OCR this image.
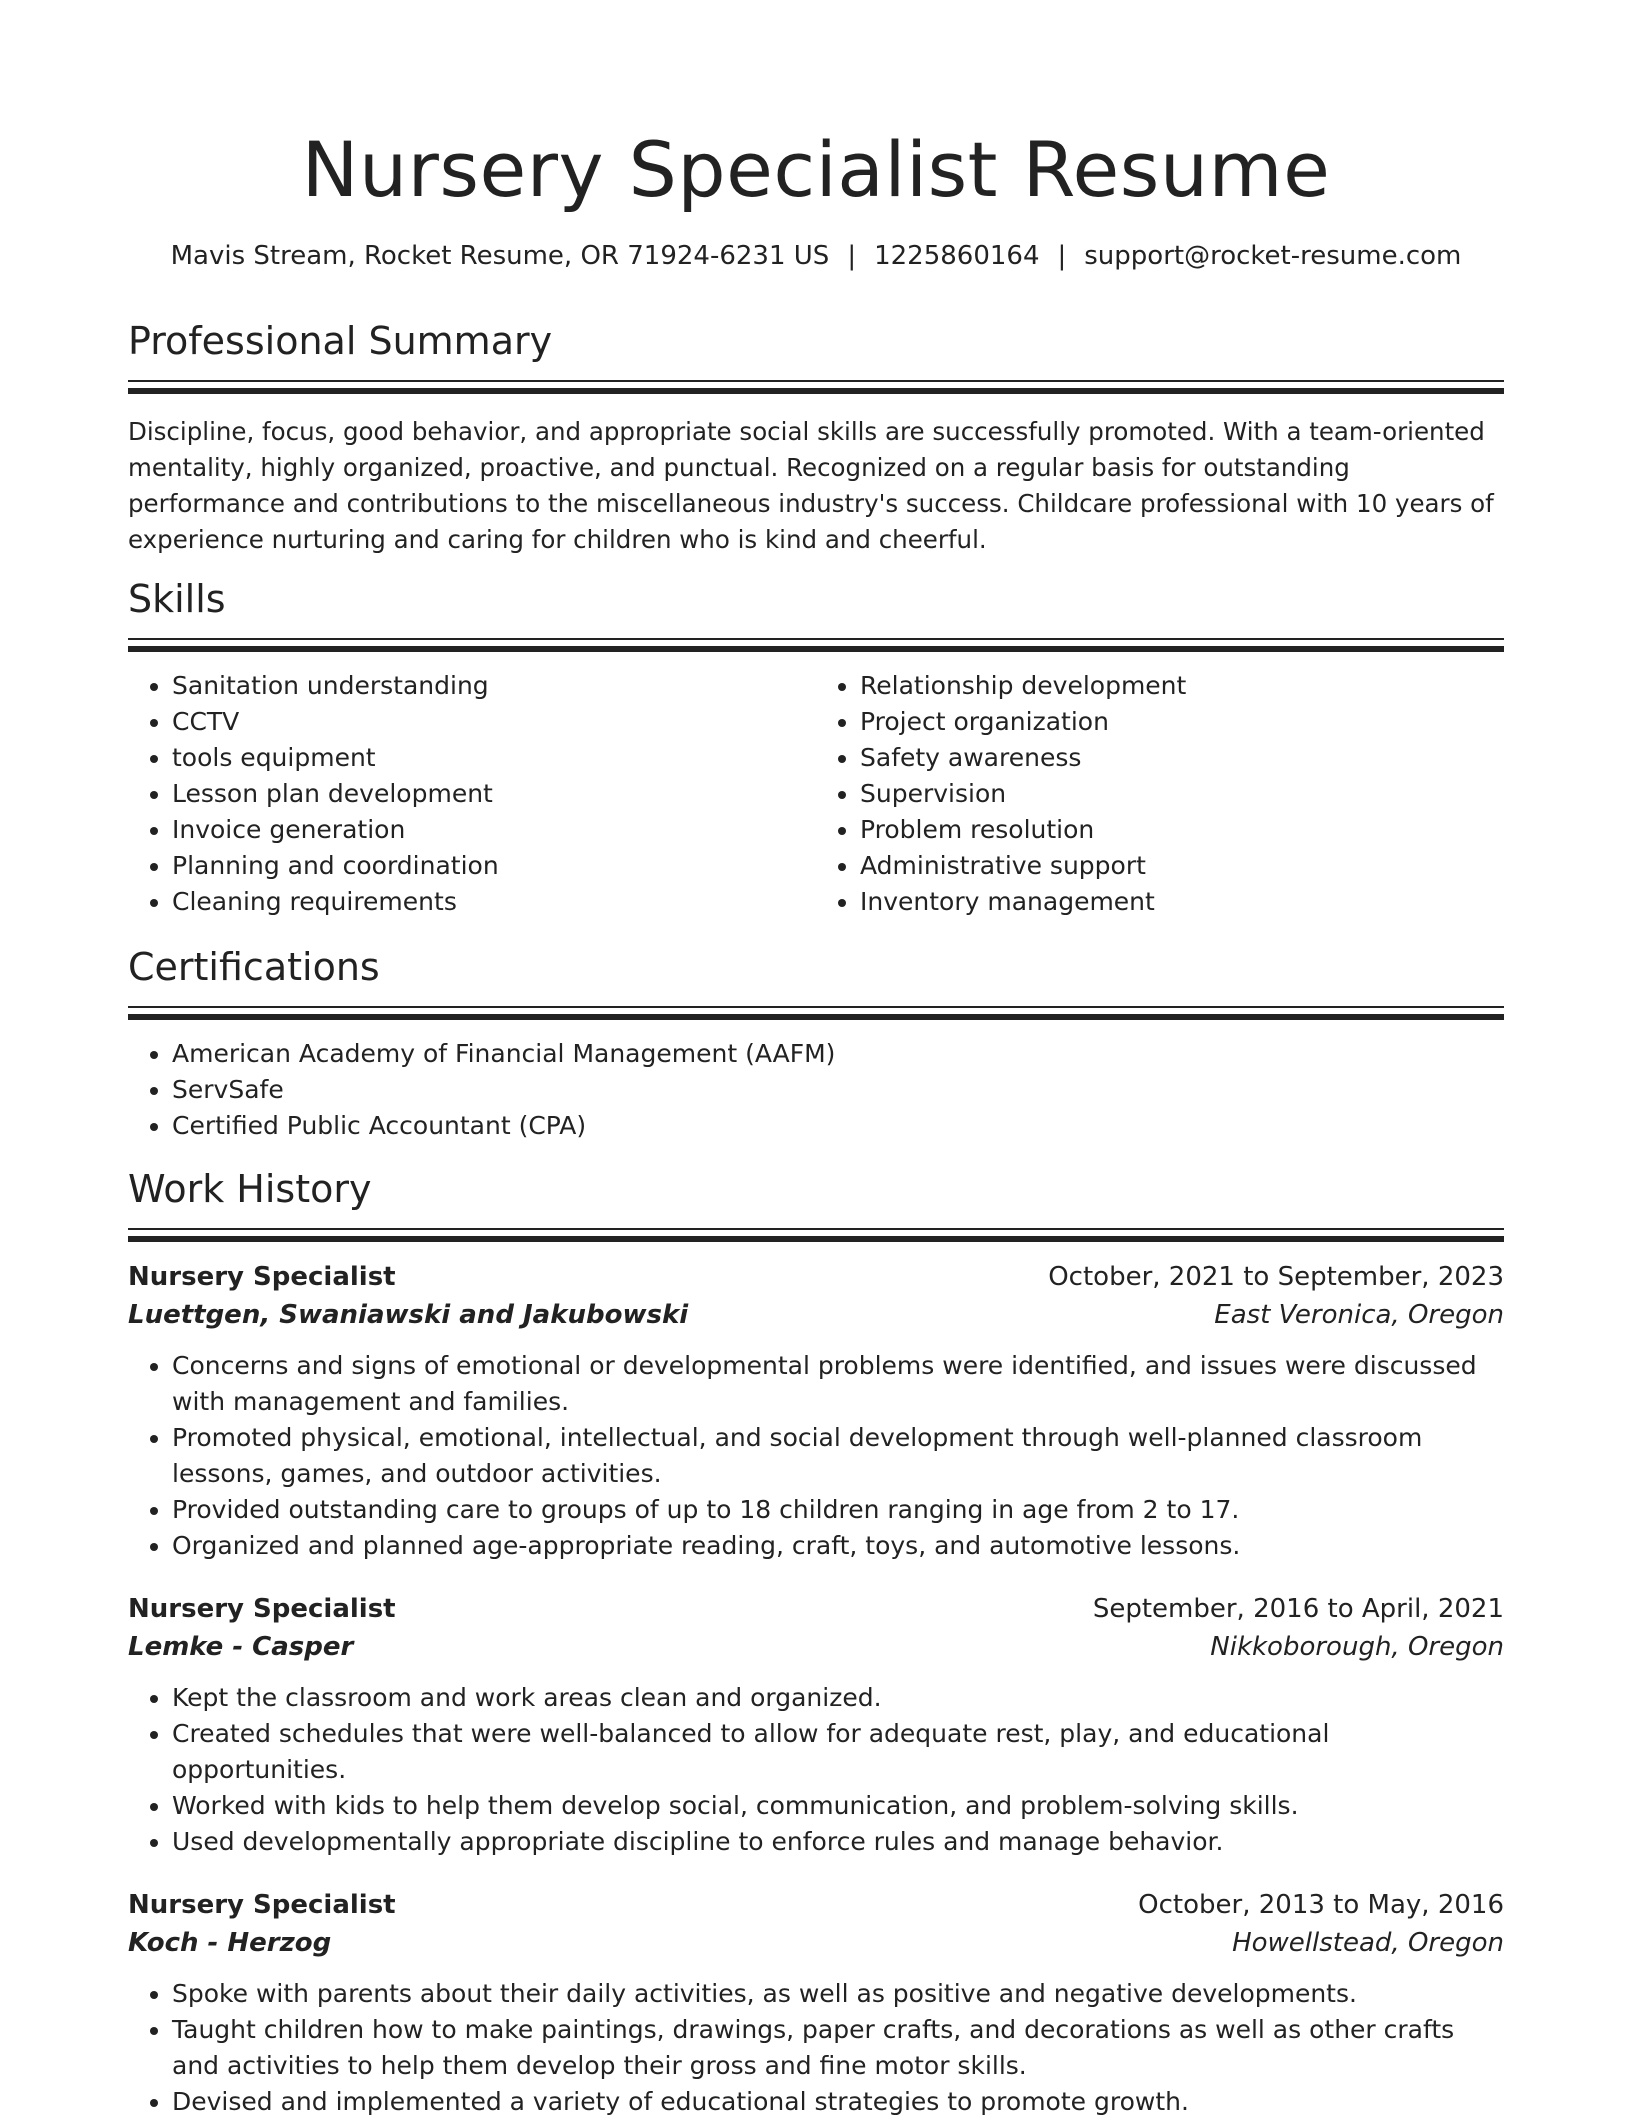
Nursery Specialist Resume
Mavis Stream, Rocket Resume, OR 71924-6231 US | 1225860164 | support@rocket-resume.com
Professional Summary
Discipline, focus, good behavior, and appropriate social skills are successfully promoted. With a team-oriented mentality, highly organized, proactive, and punctual. Recognized on a regular basis for outstanding performance and contributions to the miscellaneous industry's success. Childcare professional with 10 years of experience nurturing and caring for children who is kind and cheerful.
Skills
• Sanitation understanding
• CCTV
• tools equipment
• Lesson plan development
• Invoice generation
• Planning and coordination
• Cleaning requirements
• Relationship development
• Project organization
• Safety awareness
• Supervision
• Problem resolution
• Administrative support
• Inventory management
Certifications
• American Academy of Financial Management (AAFM)
• ServSafe
• Certified Public Accountant (CPA)
Work History
Nursery Specialist	October, 2021 to September, 2023
Luettgen, Swaniawski and Jakubowski	East Veronica, Oregon
• Concerns and signs of emotional or developmental problems were identified, and issues were discussed with management and families.
• Promoted physical, emotional, intellectual, and social development through well-planned classroom lessons, games, and outdoor activities.
• Provided outstanding care to groups of up to 18 children ranging in age from 2 to 17.
• Organized and planned age-appropriate reading, craft, toys, and automotive lessons.
Nursery Specialist	September, 2016 to April, 2021
Lemke - Casper	Nikkoborough, Oregon
• Kept the classroom and work areas clean and organized.
• Created schedules that were well-balanced to allow for adequate rest, play, and educational opportunities.
• Worked with kids to help them develop social, communication, and problem-solving skills.
• Used developmentally appropriate discipline to enforce rules and manage behavior.
Nursery Specialist	October, 2013 to May, 2016
Koch - Herzog	Howellstead, Oregon
• Spoke with parents about their daily activities, as well as positive and negative developments.
• Taught children how to make paintings, drawings, paper crafts, and decorations as well as other crafts and activities to help them develop their gross and fine motor skills.
• Devised and implemented a variety of educational strategies to promote growth.
